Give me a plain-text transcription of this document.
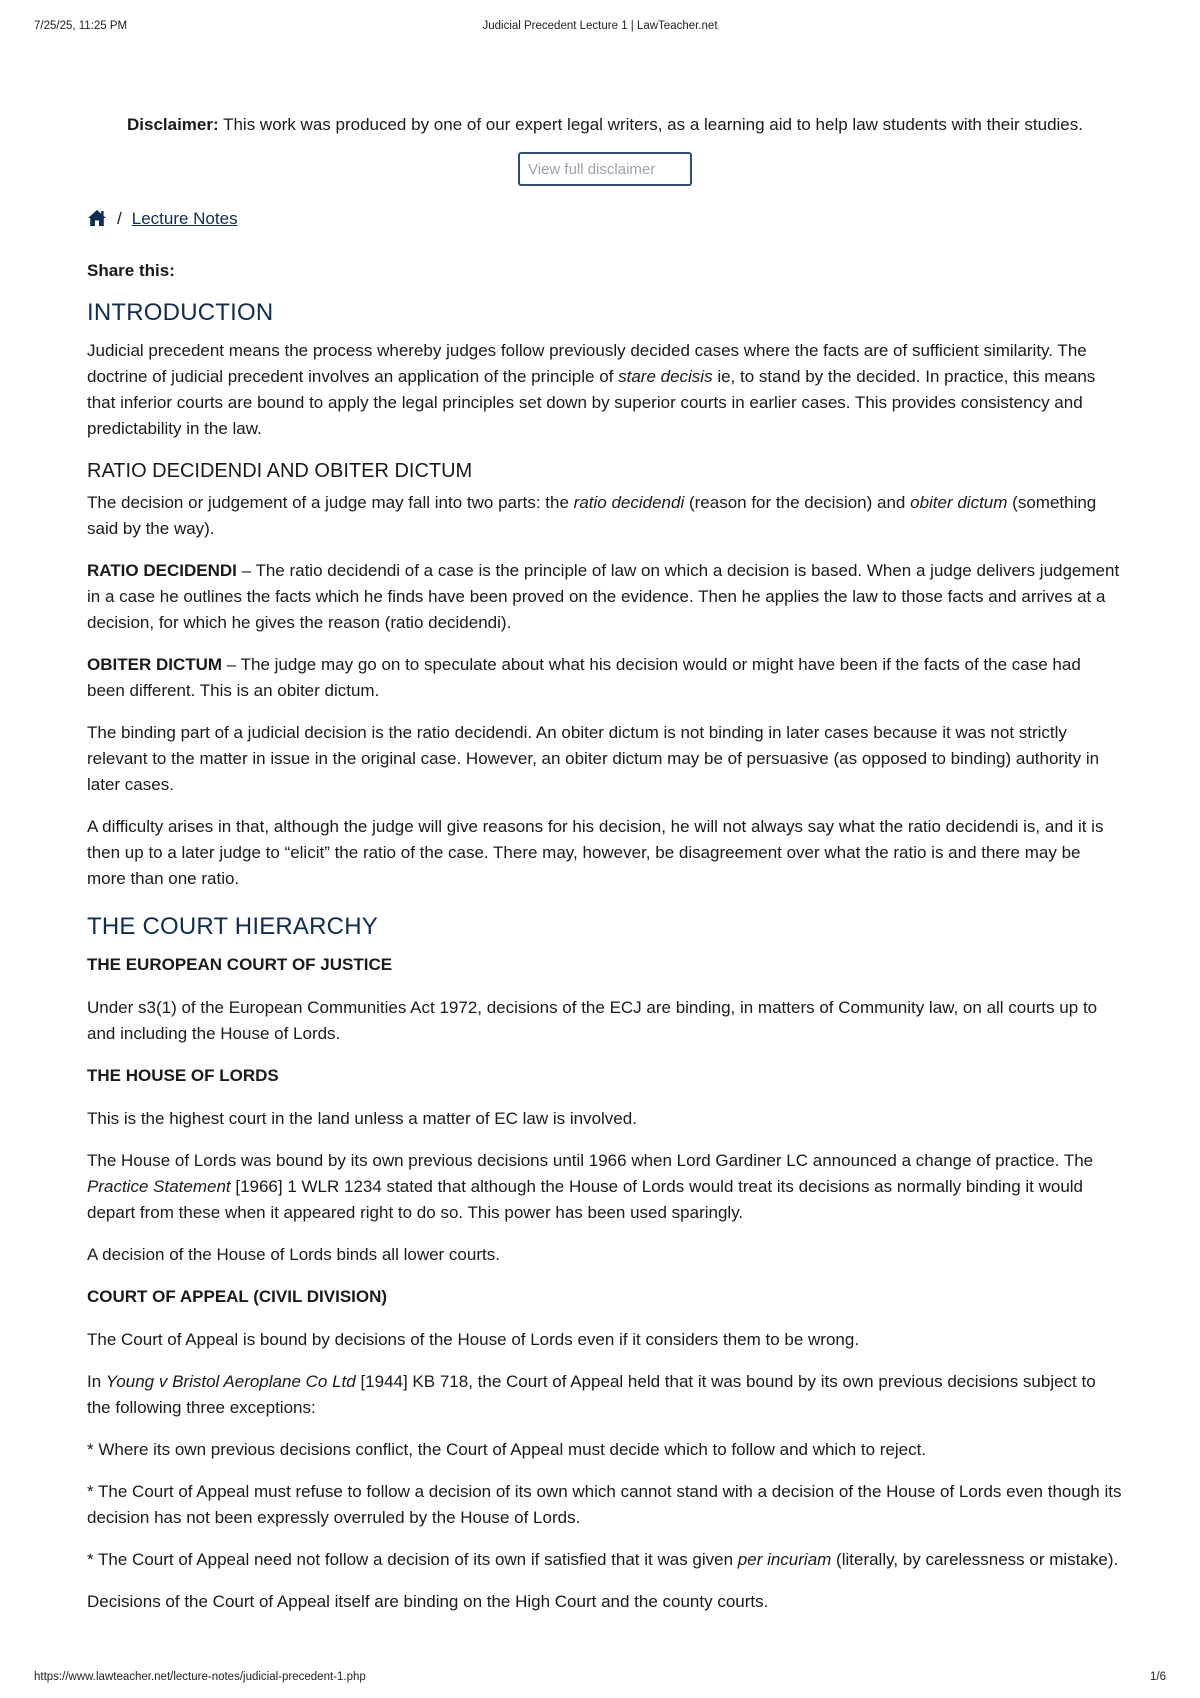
7/25/25, 11:25 PM	Judicial Precedent Lecture 1 | LawTeacher.net

Disclaimer: This work was produced by one of our expert legal writers, as a learning aid to help law students with their studies.

View full disclaimer
/ Lecture Notes
Share this:
INTRODUCTION

Judicial precedent means the process whereby judges follow previously decided cases where the facts are of sufficient similarity. The doctrine of judicial precedent involves an application of the principle of stare decisis ie, to stand by the decided. In practice, this means that inferior courts are bound to apply the legal principles set down by superior courts in earlier cases. This provides consistency and predictability in the law.

RATIO DECIDENDI AND OBITER DICTUM

The decision or judgement of a judge may fall into two parts: the ratio decidendi (reason for the decision) and obiter dictum (something said by the way).

RATIO DECIDENDI – The ratio decidendi of a case is the principle of law on which a decision is based. When a judge delivers judgement in a case he outlines the facts which he finds have been proved on the evidence. Then he applies the law to those facts and arrives at a decision, for which he gives the reason (ratio decidendi).

OBITER DICTUM – The judge may go on to speculate about what his decision would or might have been if the facts of the case had been different. This is an obiter dictum.

The binding part of a judicial decision is the ratio decidendi. An obiter dictum is not binding in later cases because it was not strictly relevant to the matter in issue in the original case. However, an obiter dictum may be of persuasive (as opposed to binding) authority in later cases.

A difficulty arises in that, although the judge will give reasons for his decision, he will not always say what the ratio decidendi is, and it is then up to a later judge to “elicit” the ratio of the case. There may, however, be disagreement over what the ratio is and there may be more than one ratio.

THE COURT HIERARCHY
THE EUROPEAN COURT OF JUSTICE

Under s3(1) of the European Communities Act 1972, decisions of the ECJ are binding, in matters of Community law, on all courts up to and including the House of Lords.

THE HOUSE OF LORDS

This is the highest court in the land unless a matter of EC law is involved.

The House of Lords was bound by its own previous decisions until 1966 when Lord Gardiner LC announced a change of practice. The Practice Statement [1966] 1 WLR 1234 stated that although the House of Lords would treat its decisions as normally binding it would depart from these when it appeared right to do so. This power has been used sparingly.

A decision of the House of Lords binds all lower courts.

COURT OF APPEAL (CIVIL DIVISION)

The Court of Appeal is bound by decisions of the House of Lords even if it considers them to be wrong.

In Young v Bristol Aeroplane Co Ltd [1944] KB 718, the Court of Appeal held that it was bound by its own previous decisions subject to the following three exceptions:

* Where its own previous decisions conflict, the Court of Appeal must decide which to follow and which to reject.

* The Court of Appeal must refuse to follow a decision of its own which cannot stand with a decision of the House of Lords even though its decision has not been expressly overruled by the House of Lords.

* The Court of Appeal need not follow a decision of its own if satisfied that it was given per incuriam (literally, by carelessness or mistake).

Decisions of the Court of Appeal itself are binding on the High Court and the county courts.

https://www.lawteacher.net/lecture-notes/judicial-precedent-1.php	1/6
